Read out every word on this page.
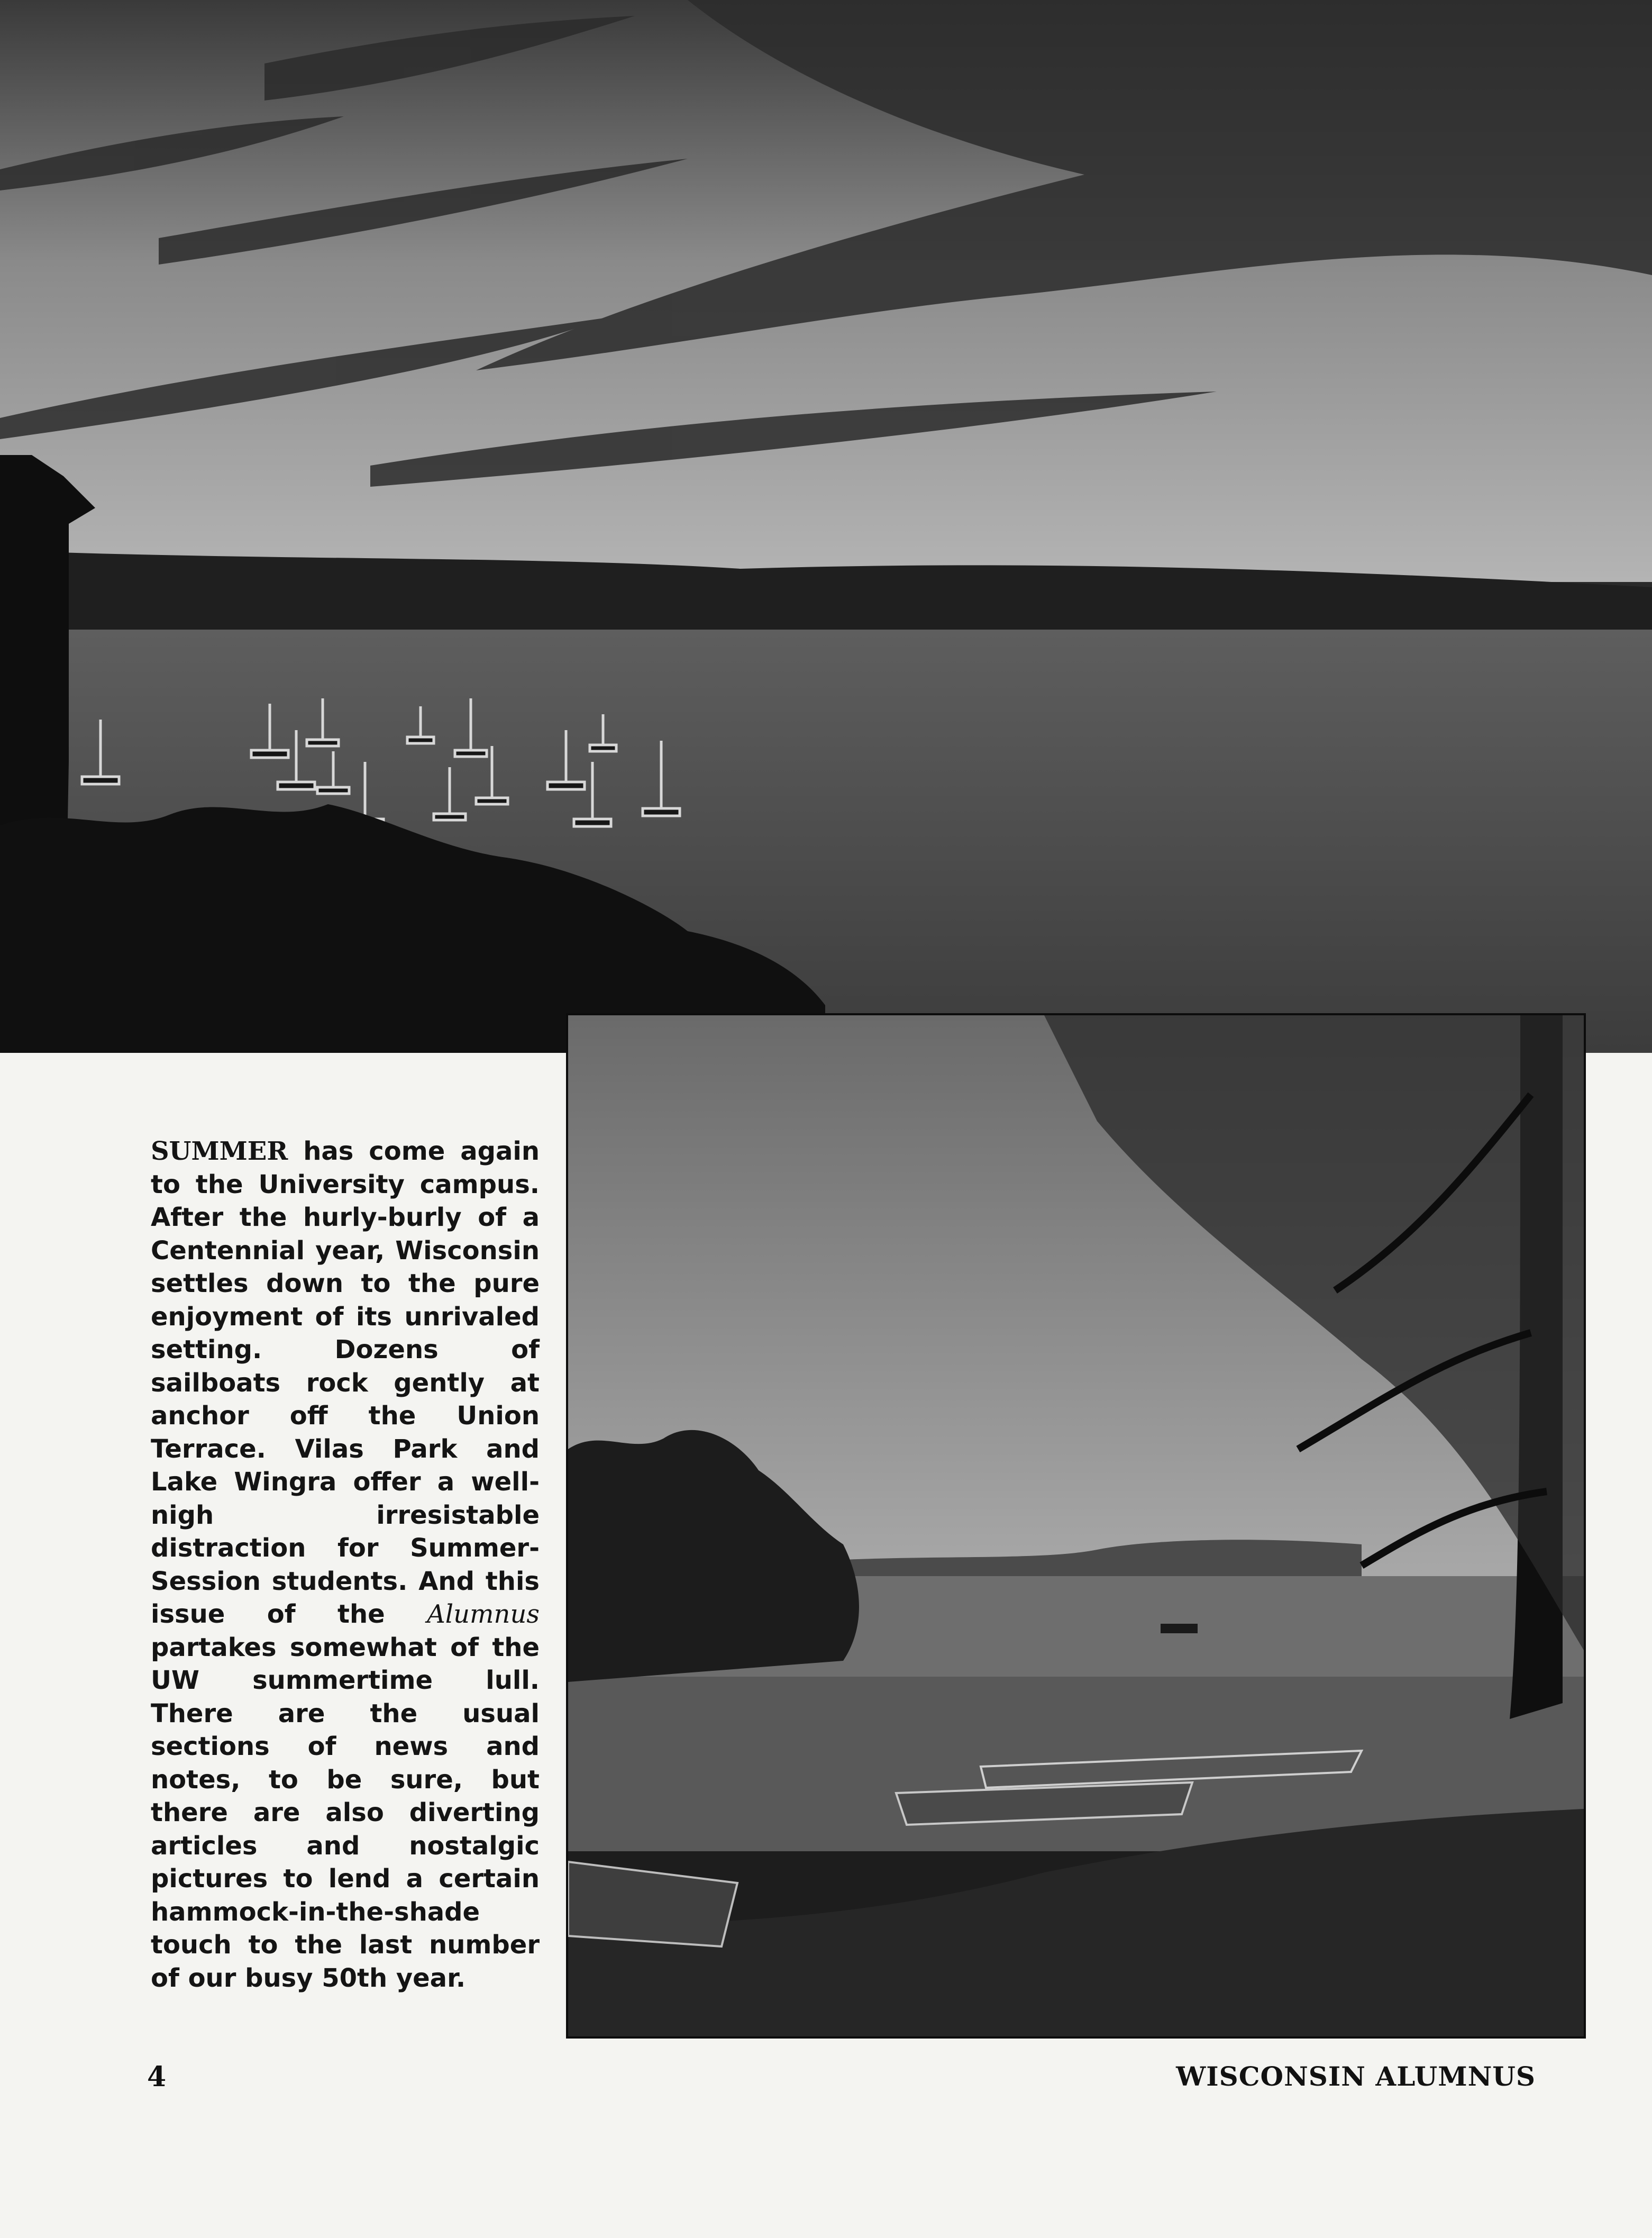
SUMMER has come again to the University campus. After the hurly-burly of a Centennial year, Wisconsin settles down to the pure enjoyment of its unrivaled setting. Dozens of sailboats rock gently at anchor off the Union Terrace. Vilas Park and Lake Wingra offer a well-nigh irresistable distraction for Summer-Session students. And this issue of the Alumnus partakes somewhat of the UW summertime lull. There are the usual sections of news and notes, to be sure, but there are also diverting articles and nostalgic pictures to lend a certain hammock-in-the-shade touch to the last number of our busy 50th year.

4	WISCONSIN ALUMNUS
